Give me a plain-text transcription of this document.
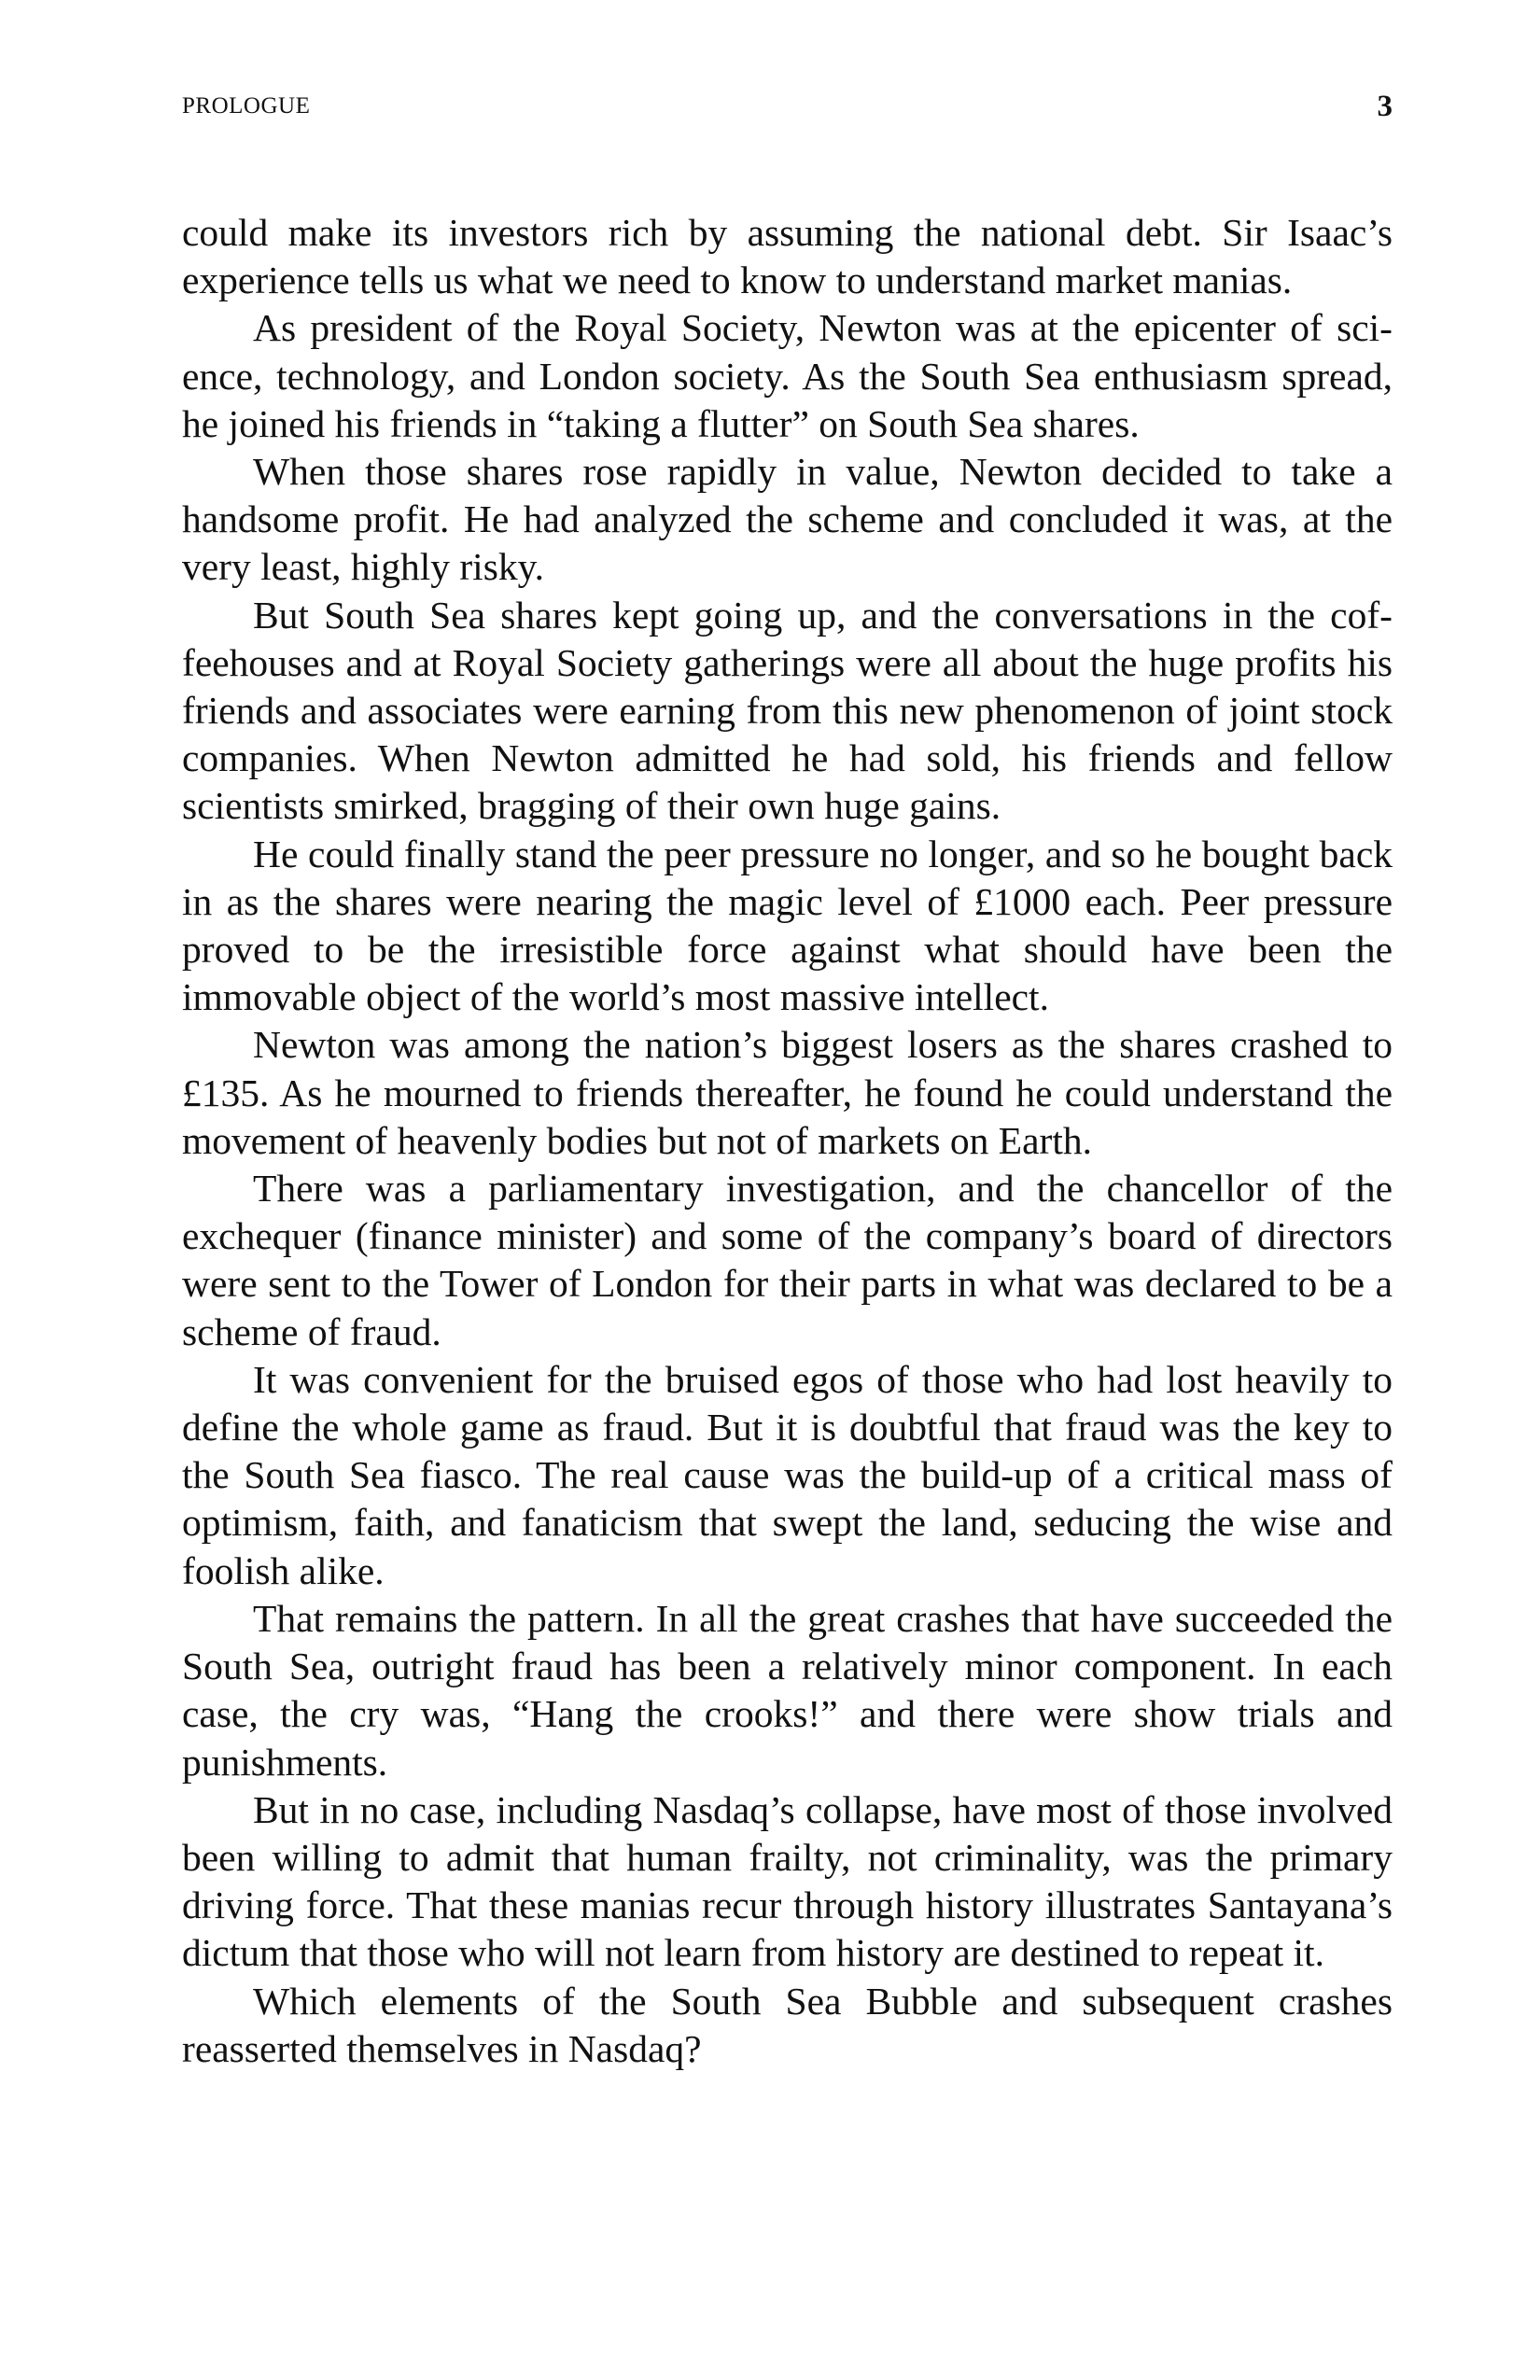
PROLOGUE	3

could make its investors rich by assuming the national debt. Sir Isaac’s experience tells us what we need to know to understand market manias.

As president of the Royal Society, Newton was at the epicenter of science, technology, and London society. As the South Sea enthusiasm spread, he joined his friends in “taking a flutter” on South Sea shares.

When those shares rose rapidly in value, Newton decided to take a handsome profit. He had analyzed the scheme and concluded it was, at the very least, highly risky.

But South Sea shares kept going up, and the conversations in the coffeehouses and at Royal Society gatherings were all about the huge profits his friends and associates were earning from this new phenomenon of joint stock companies. When Newton admitted he had sold, his friends and fellow scientists smirked, bragging of their own huge gains.

He could finally stand the peer pressure no longer, and so he bought back in as the shares were nearing the magic level of £1000 each. Peer pressure proved to be the irresistible force against what should have been the immovable object of the world’s most massive intellect.

Newton was among the nation’s biggest losers as the shares crashed to £135. As he mourned to friends thereafter, he found he could understand the movement of heavenly bodies but not of markets on Earth.

There was a parliamentary investigation, and the chancellor of the exchequer (finance minister) and some of the company’s board of directors were sent to the Tower of London for their parts in what was declared to be a scheme of fraud.

It was convenient for the bruised egos of those who had lost heavily to define the whole game as fraud. But it is doubtful that fraud was the key to the South Sea fiasco. The real cause was the build-up of a critical mass of optimism, faith, and fanaticism that swept the land, seducing the wise and foolish alike.

That remains the pattern. In all the great crashes that have succeeded the South Sea, outright fraud has been a relatively minor component. In each case, the cry was, “Hang the crooks!” and there were show trials and punishments.

But in no case, including Nasdaq’s collapse, have most of those involved been willing to admit that human frailty, not criminality, was the primary driving force. That these manias recur through history illustrates Santayana’s dictum that those who will not learn from history are destined to repeat it.

Which elements of the South Sea Bubble and subsequent crashes reasserted themselves in Nasdaq?
